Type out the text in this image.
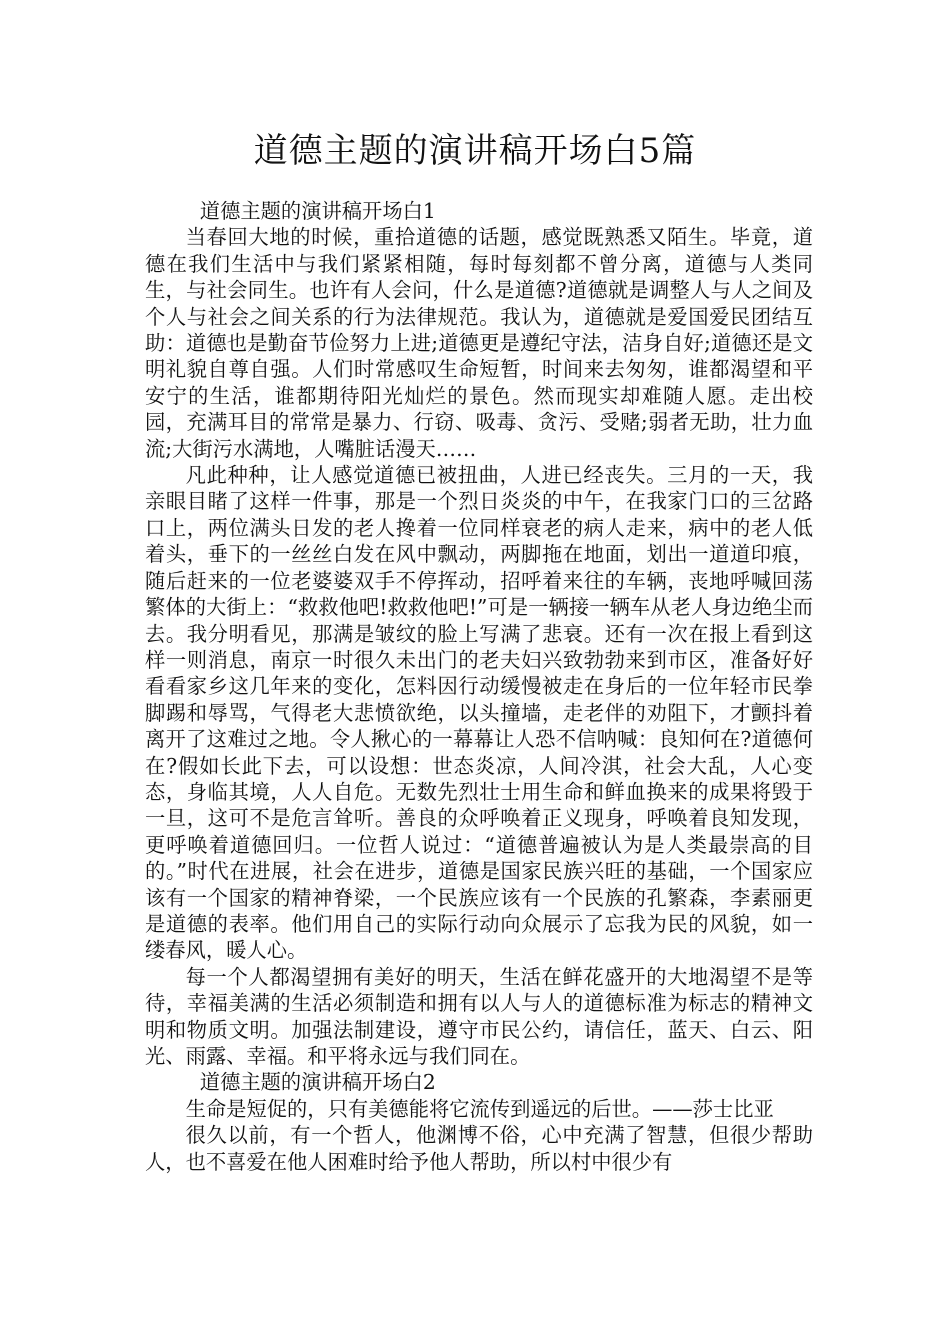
道德主题的演讲稿开场白5篇

道德主题的演讲稿开场白1

当春回大地的时候，重拾道德的话题，感觉既熟悉又陌生。毕竟，道德在我们生活中与我们紧紧相随，每时每刻都不曾分离，道德与人类同生，与社会同生。也许有人会问，什么是道德?道德就是调整人与人之间及个人与社会之间关系的行为法律规范。我认为，道德就是爱国爱民团结互助：道德也是勤奋节俭努力上进;道德更是遵纪守法，洁身自好;道德还是文明礼貌自尊自强。人们时常感叹生命短暂，时间来去匆匆，谁都渴望和平安宁的生活，谁都期待阳光灿烂的景色。然而现实却难随人愿。走出校园，充满耳目的常常是暴力、行窃、吸毒、贪污、受赌;弱者无助，壮力血流;大街污水满地，人嘴脏话漫天……

凡此种种，让人感觉道德已被扭曲，人进已经丧失。三月的一天，我亲眼目睹了这样一件事，那是一个烈日炎炎的中午，在我家门口的三岔路口上，两位满头日发的老人搀着一位同样衰老的病人走来，病中的老人低着头，垂下的一丝丝白发在风中飘动，两脚拖在地面，划出一道道印痕，随后赶来的一位老婆婆双手不停挥动，招呼着来往的车辆，丧地呼喊回荡繁体的大街上：“救救他吧!救救他吧!”可是一辆接一辆车从老人身边绝尘而去。我分明看见，那满是皱纹的脸上写满了悲衰。还有一次在报上看到这样一则消息，南京一时很久未出门的老夫妇兴致勃勃来到市区，准备好好看看家乡这几年来的变化，怎料因行动缓慢被走在身后的一位年轻市民拳脚踢和辱骂，气得老大悲愤欲绝，以头撞墙，走老伴的劝阻下，才颤抖着离开了这难过之地。令人揪心的一幕幕让人恐不信呐喊：良知何在?道德何在?假如长此下去，可以设想：世态炎凉，人间冷淇，社会大乱，人心变态，身临其境，人人自危。无数先烈壮士用生命和鲜血换来的成果将毁于一旦，这可不是危言耸听。善良的众呼唤着正义现身，呼唤着良知发现，更呼唤着道德回归。一位哲人说过：“道德普遍被认为是人类最崇高的目的。”时代在进展，社会在进步，道德是国家民族兴旺的基础，一个国家应该有一个国家的精神脊梁，一个民族应该有一个民族的孔繁森，李素丽更是道德的表率。他们用自己的实际行动向众展示了忘我为民的风貌，如一缕春风，暖人心。

每一个人都渴望拥有美好的明天，生活在鲜花盛开的大地渴望不是等待，幸福美满的生活必须制造和拥有以人与人的道德标准为标志的精神文明和物质文明。加强法制建设，遵守市民公约，请信任，蓝天、白云、阳光、雨露、幸福。和平将永远与我们同在。

道德主题的演讲稿开场白2

生命是短促的，只有美德能将它流传到遥远的后世。——莎士比亚

很久以前，有一个哲人，他渊博不俗，心中充满了智慧，但很少帮助人，也不喜爱在他人困难时给予他人帮助，所以村中很少有
